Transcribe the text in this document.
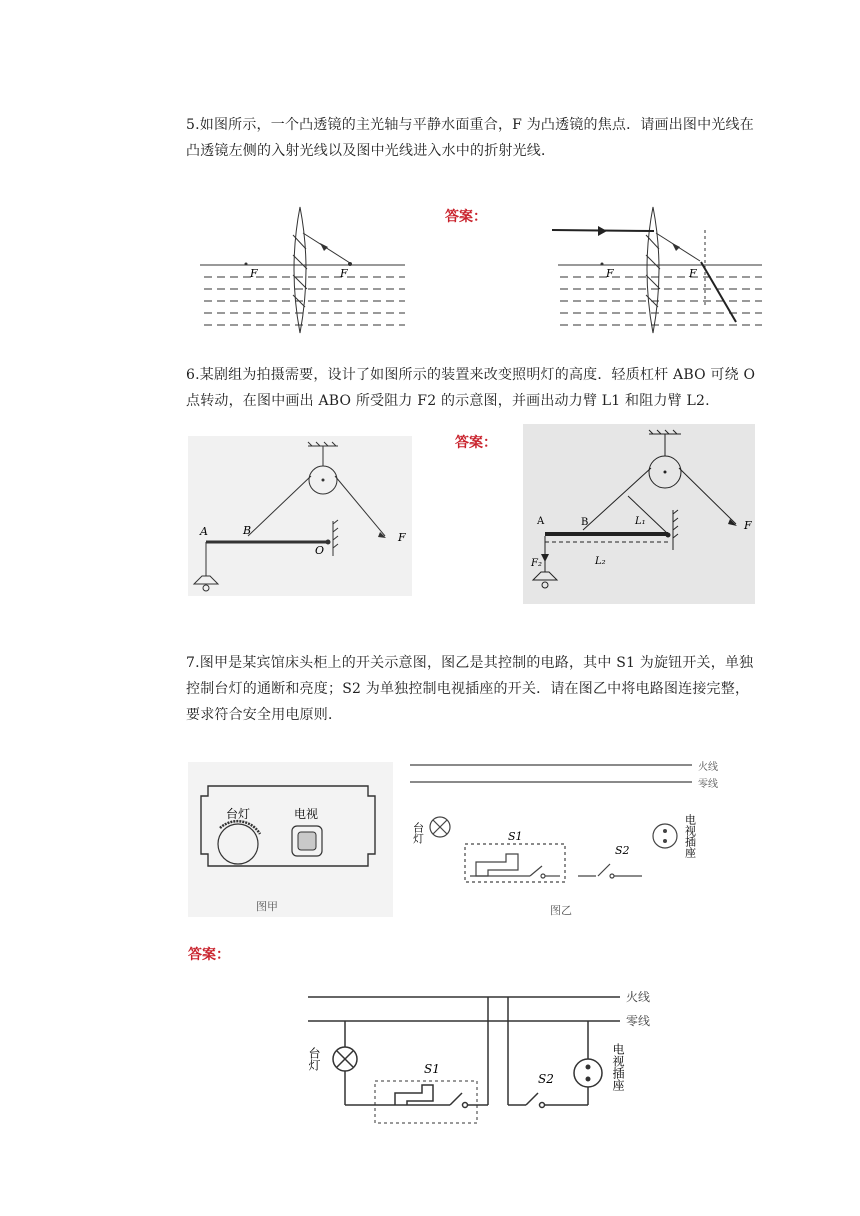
5.如图所示，一个凸透镜的主光轴与平静水面重合，F 为凸透镜的焦点．请画出图中光线在
凸透镜左侧的入射光线以及图中光线进入水中的折射光线．
F	F
答案：
F	F
6.某剧组为拍摄需要，设计了如图所示的装置来改变照明灯的高度．轻质杠杆 ABO 可绕 O
点转动，在图中画出 ABO 所受阻力 F2 的示意图，并画出动力臂 L1 和阻力臂 L2.
A	B
O
F
答案：
A	B
F₂
L₁
L₂
F
7.图甲是某宾馆床头柜上的开关示意图，图乙是其控制的电路，其中 S1 为旋钮开关，单独
控制台灯的通断和亮度；S2 为单独控制电视插座的开关．请在图乙中将电路图连接完整，
要求符合安全用电原则．
台灯	电视
图甲
火线
零线
台灯	电视插座
S1
S2
图乙
答案：
火线
零线
台灯	电视插座
S1
S2
